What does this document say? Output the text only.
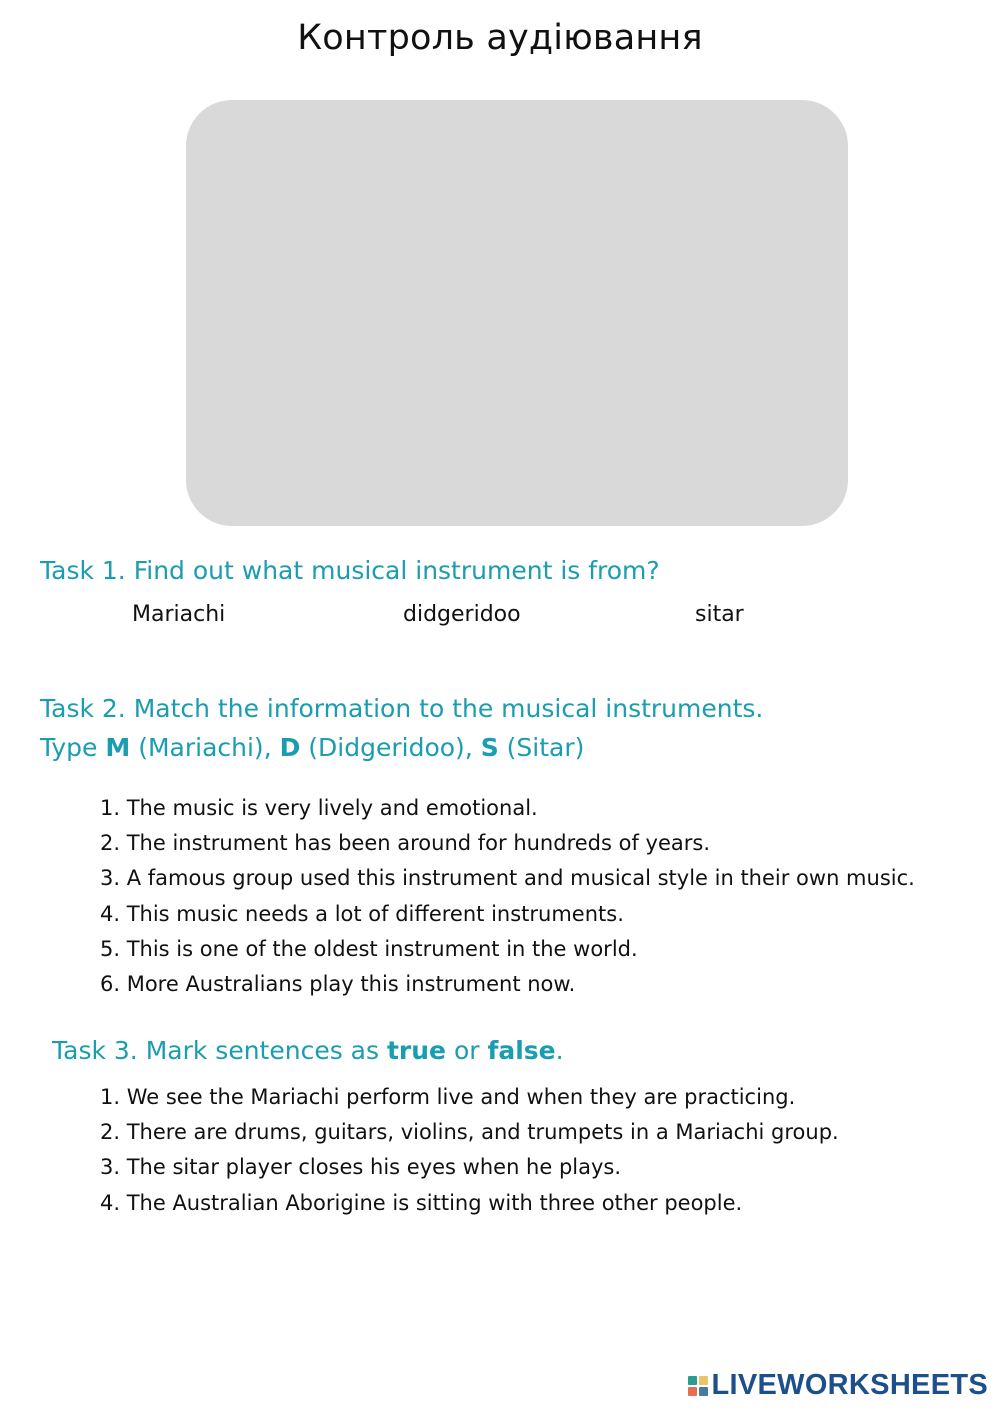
Контроль аудіювання
Task 1. Find out what musical instrument is from?
Mariachi	didgeridoo	sitar
Task 2. Match the information to the musical instruments.
Type M (Mariachi), D (Didgeridoo), S (Sitar)
1. The music is very lively and emotional.
2. The instrument has been around for hundreds of years.
3. A famous group used this instrument and musical style in their own music.
4. This music needs a lot of different instruments.
5. This is one of the oldest instrument in the world.
6. More Australians play this instrument now.
Task 3. Mark sentences as true or false.
1. We see the Mariachi perform live and when they are practicing.
2. There are drums, guitars, violins, and trumpets in a Mariachi group.
3. The sitar player closes his eyes when he plays.
4. The Australian Aborigine is sitting with three other people.
LIVEWORKSHEETS
